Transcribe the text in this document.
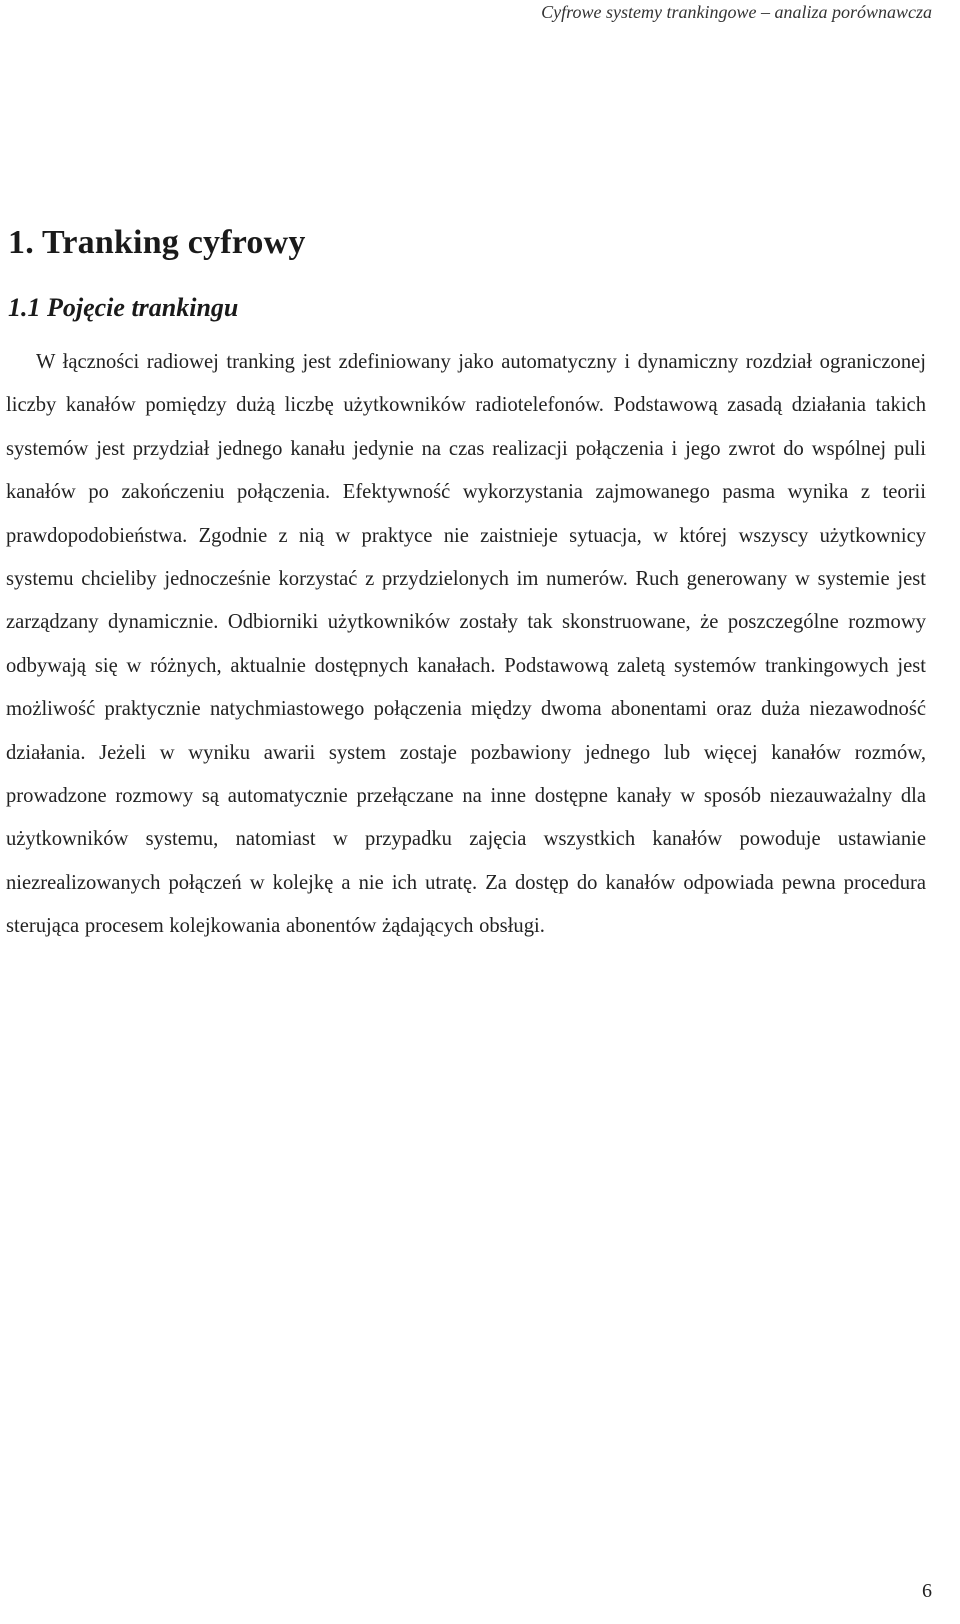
Cyfrowe systemy trankingowe – analiza porównawcza
1. Tranking cyfrowy
1.1 Pojęcie trankingu

W łączności radiowej tranking jest zdefiniowany jako automatyczny i dynamiczny rozdział ograniczonej liczby kanałów pomiędzy dużą liczbę użytkowników radiotelefonów. Podstawową zasadą działania takich systemów jest przydział jednego kanału jedynie na czas realizacji połączenia i jego zwrot do wspólnej puli kanałów po zakończeniu połączenia. Efektywność wykorzystania zajmowanego pasma wynika z teorii prawdopodobieństwa. Zgodnie z nią w praktyce nie zaistnieje sytuacja, w której wszyscy użytkownicy systemu chcieliby jednocześnie korzystać z przydzielonych im numerów. Ruch generowany w systemie jest zarządzany dynamicznie. Odbiorniki użytkowników zostały tak skonstruowane, że poszczególne rozmowy odbywają się w różnych, aktualnie dostępnych kanałach. Podstawową zaletą systemów trankingowych jest możliwość praktycznie natychmiastowego połączenia między dwoma abonentami oraz duża niezawodność działania. Jeżeli w wyniku awarii system zostaje pozbawiony jednego lub więcej kanałów rozmów, prowadzone rozmowy są automatycznie przełączane na inne dostępne kanały w sposób niezauważalny dla użytkowników systemu, natomiast w przypadku zajęcia wszystkich kanałów powoduje ustawianie niezrealizowanych połączeń w kolejkę a nie ich utratę. Za dostęp do kanałów odpowiada pewna procedura sterująca procesem kolejkowania abonentów żądających obsługi.

6
